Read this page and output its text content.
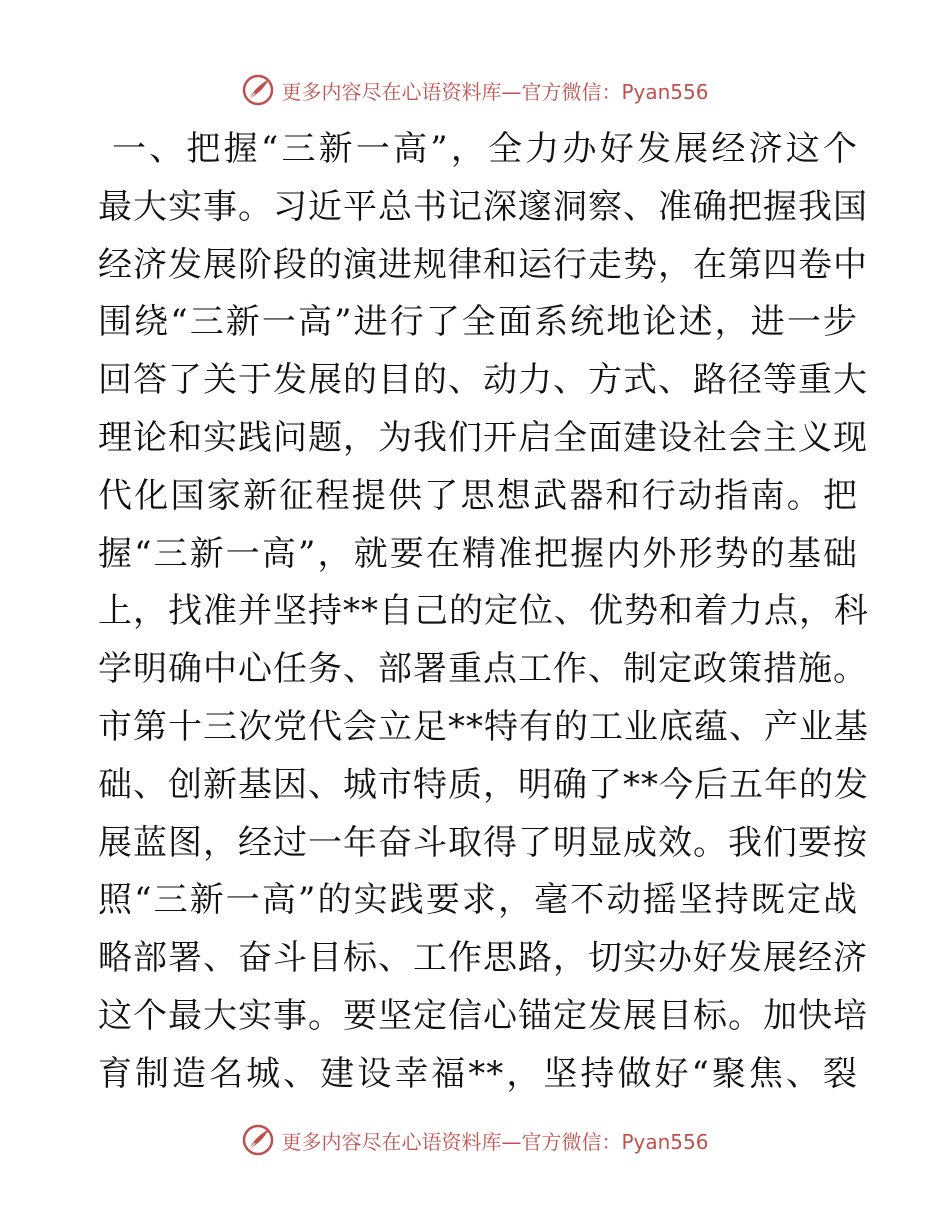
更多内容尽在心语资料库—官方微信：Pyan556
一、把握“三新一高”，全力办好发展经济这个
最大实事。习近平总书记深邃洞察、准确把握我国
经济发展阶段的演进规律和运行走势，在第四卷中
围绕“三新一高”进行了全面系统地论述，进一步
回答了关于发展的目的、动力、方式、路径等重大
理论和实践问题，为我们开启全面建设社会主义现
代化国家新征程提供了思想武器和行动指南。把
握“三新一高”，就要在精准把握内外形势的基础
上，找准并坚持**自己的定位、优势和着力点，科
学明确中心任务、部署重点工作、制定政策措施。
市第十三次党代会立足**特有的工业底蕴、产业基
础、创新基因、城市特质，明确了**今后五年的发
展蓝图，经过一年奋斗取得了明显成效。我们要按
照“三新一高”的实践要求，毫不动摇坚持既定战
略部署、奋斗目标、工作思路，切实办好发展经济
这个最大实事。要坚定信心锚定发展目标。加快培
育制造名城、建设幸福**，坚持做好“聚焦、裂
更多内容尽在心语资料库—官方微信：Pyan556
